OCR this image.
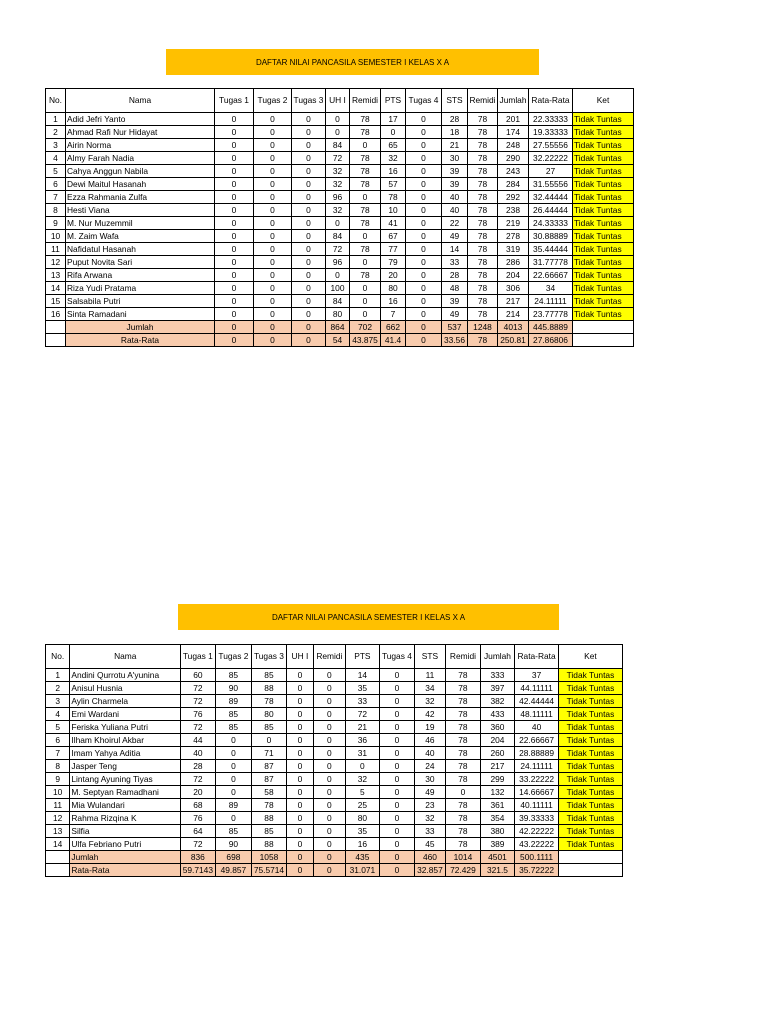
DAFTAR NILAI PANCASILA SEMESTER I KELAS X A
No.	Nama	Tugas 1	Tugas 2	Tugas 3	UH I	Remidi	PTS	Tugas 4	STS	Remidi	Jumlah	Rata-Rata	Ket
1	Adid Jefri Yanto	0	0	0	0	78	17	0	28	78	201	22.33333	Tidak Tuntas
2	Ahmad Rafi Nur Hidayat	0	0	0	0	78	0	0	18	78	174	19.33333	Tidak Tuntas
3	Airin Norma	0	0	0	84	0	65	0	21	78	248	27.55556	Tidak Tuntas
4	Almy Farah Nadia	0	0	0	72	78	32	0	30	78	290	32.22222	Tidak Tuntas
5	Cahya Anggun Nabila	0	0	0	32	78	16	0	39	78	243	27	Tidak Tuntas
6	Dewi Maitul Hasanah	0	0	0	32	78	57	0	39	78	284	31.55556	Tidak Tuntas
7	Ezza Rahmania Zulfa	0	0	0	96	0	78	0	40	78	292	32.44444	Tidak Tuntas
8	Hesti Viana	0	0	0	32	78	10	0	40	78	238	26.44444	Tidak Tuntas
9	M. Nur Muzemmil	0	0	0	0	78	41	0	22	78	219	24.33333	Tidak Tuntas
10	M. Zaim Wafa	0	0	0	84	0	67	0	49	78	278	30.88889	Tidak Tuntas
11	Nafidatul Hasanah	0	0	0	72	78	77	0	14	78	319	35.44444	Tidak Tuntas
12	Puput Novita Sari	0	0	0	96	0	79	0	33	78	286	31.77778	Tidak Tuntas
13	Rifa Arwana	0	0	0	0	78	20	0	28	78	204	22.66667	Tidak Tuntas
14	Riza Yudi Pratama	0	0	0	100	0	80	0	48	78	306	34	Tidak Tuntas
15	Salsabila Putri	0	0	0	84	0	16	0	39	78	217	24.11111	Tidak Tuntas
16	Sinta Ramadani	0	0	0	80	0	7	0	49	78	214	23.77778	Tidak Tuntas
	Jumlah	0	0	0	864	702	662	0	537	1248	4013	445.8889	
	Rata-Rata	0	0	0	54	43.875	41.4	0	33.56	78	250.81	27.86806	
DAFTAR NILAI PANCASILA SEMESTER I KELAS X A
No.	Nama	Tugas 1	Tugas 2	Tugas 3	UH I	Remidi	PTS	Tugas 4	STS	Remidi	Jumlah	Rata-Rata	Ket
1	Andini Qurrotu A'yunina	60	85	85	0	0	14	0	11	78	333	37	Tidak Tuntas
2	Anisul Husnia	72	90	88	0	0	35	0	34	78	397	44.11111	Tidak Tuntas
3	Aylin Charmela	72	89	78	0	0	33	0	32	78	382	42.44444	Tidak Tuntas
4	Emi Wardani	76	85	80	0	0	72	0	42	78	433	48.11111	Tidak Tuntas
5	Feriska Yuliana Putri	72	85	85	0	0	21	0	19	78	360	40	Tidak Tuntas
6	Ilham Khoirul Akbar	44	0	0	0	0	36	0	46	78	204	22.66667	Tidak Tuntas
7	Imam Yahya Aditia	40	0	71	0	0	31	0	40	78	260	28.88889	Tidak Tuntas
8	Jasper Teng	28	0	87	0	0	0	0	24	78	217	24.11111	Tidak Tuntas
9	Lintang Ayuning Tiyas	72	0	87	0	0	32	0	30	78	299	33.22222	Tidak Tuntas
10	M. Septyan Ramadhani	20	0	58	0	0	5	0	49	0	132	14.66667	Tidak Tuntas
11	Mia Wulandari	68	89	78	0	0	25	0	23	78	361	40.11111	Tidak Tuntas
12	Rahma Rizqina K	76	0	88	0	0	80	0	32	78	354	39.33333	Tidak Tuntas
13	Silfia	64	85	85	0	0	35	0	33	78	380	42.22222	Tidak Tuntas
14	Ulfa Febriano Putri	72	90	88	0	0	16	0	45	78	389	43.22222	Tidak Tuntas
	Jumlah	836	698	1058	0	0	435	0	460	1014	4501	500.1111	
	Rata-Rata	59.7143	49.857	75.5714	0	0	31.071	0	32.857	72.429	321.5	35.72222	
